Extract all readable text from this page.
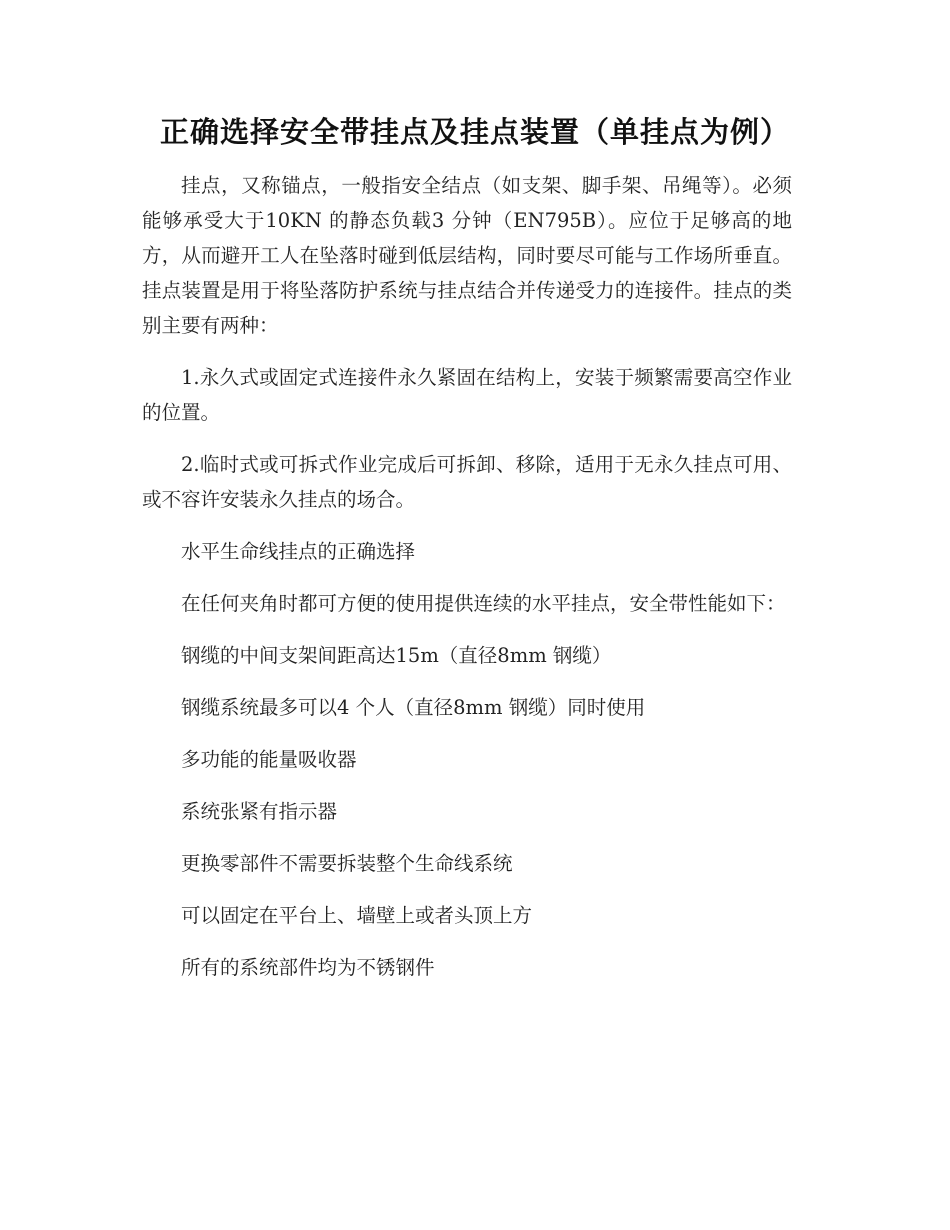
正确选择安全带挂点及挂点装置（单挂点为例）

挂点，又称锚点，一般指安全结点（如支架、脚手架、吊绳等）。必须能够承受大于10KN 的静态负载3 分钟（EN795B）。应位于足够高的地方，从而避开工人在坠落时碰到低层结构，同时要尽可能与工作场所垂直。挂点装置是用于将坠落防护系统与挂点结合并传递受力的连接件。挂点的类别主要有两种：

1.永久式或固定式连接件永久紧固在结构上，安装于频繁需要高空作业的位置。

2.临时式或可拆式作业完成后可拆卸、移除，适用于无永久挂点可用、或不容许安装永久挂点的场合。

水平生命线挂点的正确选择

在任何夹角时都可方便的使用提供连续的水平挂点，安全带性能如下：

钢缆的中间支架间距高达15m（直径8mm 钢缆）

钢缆系统最多可以4 个人（直径8mm 钢缆）同时使用

多功能的能量吸收器

系统张紧有指示器

更换零部件不需要拆装整个生命线系统

可以固定在平台上、墙壁上或者头顶上方

所有的系统部件均为不锈钢件
